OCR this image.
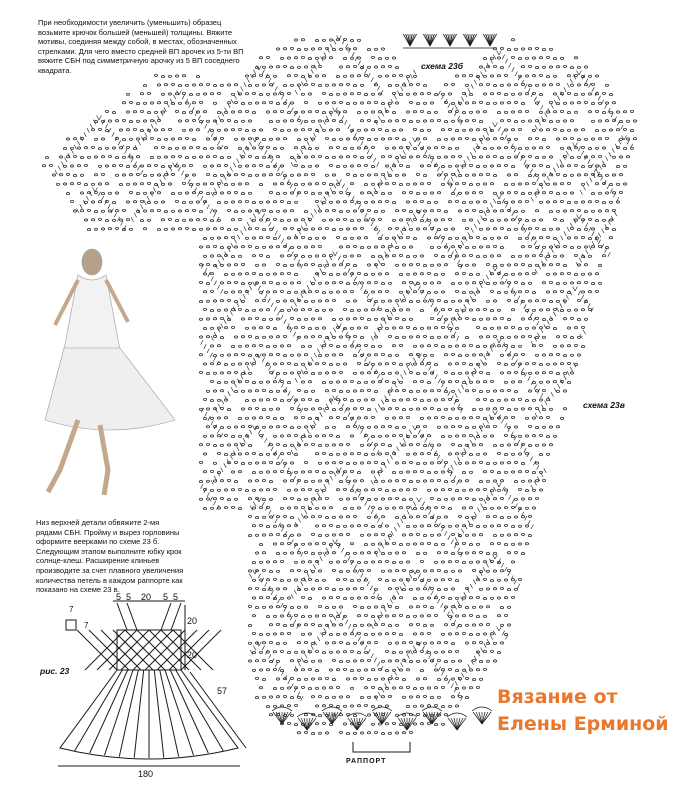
При необходимости увеличить (уменьшить) образец возьмите крючок большей (меньшей) толщины. Вяжите мотивы, соединяя между собой, в местах, обозначенных стрелками. Для чего вместо средней ВП арочек из 5-ти ВП вяжите СБН под симметричную арочку из 5 ВП соседнего квадрата.
Низ верхней детали обвяжите 2-мя рядами СБН. Пройму и вырез горловины оформите веерками по схеме 23 б. Следующим этапом выполните юбку крок солнце-клеш. Расширение клиньев производите за счет плавного увеличения количества петель в каждом раппорте как показано на схеме 23 в.
схема 23б
схема 23в
рис. 23
РАППОРТ
5 5 20 5 5
20
20
57
180
7
7
Вязание от
Елены Ерминой
